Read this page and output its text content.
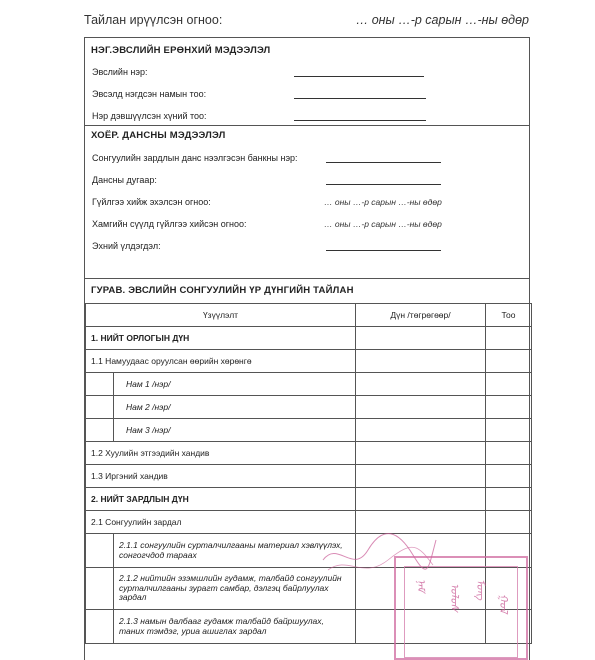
Тайлан ирүүлсэн огноо:	… оны …-р сарын …-ны өдөр
НЭГ.ЭВСЛИЙН ЕРӨНХИЙ МЭДЭЭЛЭЛ
Эвслийн нэр:
Эвсэлд нэгдсэн намын тоо:
Нэр дэвшүүлсэн хүний тоо:
ХОЁР. ДАНСНЫ МЭДЭЭЛЭЛ
Сонгуулийн зардлын данс нээлгэсэн банкны нэр:
Дансны дугаар:
Гүйлгээ хийж эхэлсэн огноо:	… оны …-р сарын …-ны өдөр
Хамгийн сүүлд гүйлгээ хийсэн огноо:	… оны …-р сарын …-ны өдөр
Эхний үлдэгдэл:
ГУРАВ. ЭВСЛИЙН СОНГУУЛИЙН ҮР ДҮНГИЙН ТАЙЛАН
Үзүүлэлт		Дүн /төгрөгөөр/	Тоо
1. НИЙТ ОРЛОГЫН ДҮН			
1.1 Намуудаас оруулсан өөрийн хөрөнгө			
	Нам 1 /нэр/		
	Нам 2 /нэр/		
	Нам 3 /нэр/		
1.2 Хуулийн этгээдийн хандив			
1.3 Иргэний хандив			
2. НИЙТ ЗАРДЛЫН ДҮН			
2.1 Сонгуулийн зардал			
	2.1.1 сонгуулийн сурталчилгааны материал хэвлүүлэх, сонгогчдод тараах		
	2.1.2 нийтийн эзэмшлийн гудамж, талбайд сонгуулийн сурталчилгааны зурагт самбар, дэлгэц байрлуулах зардал		
	2.1.3 намын далбааг гудамж талбайд байршуулах, таних тэмдэг, уриа ашиглах зардал		
ᠨᠠᠮ	ᠤᠯᠤᠰ	ᠮᠣᠩ
ᠭᠣᠯ
